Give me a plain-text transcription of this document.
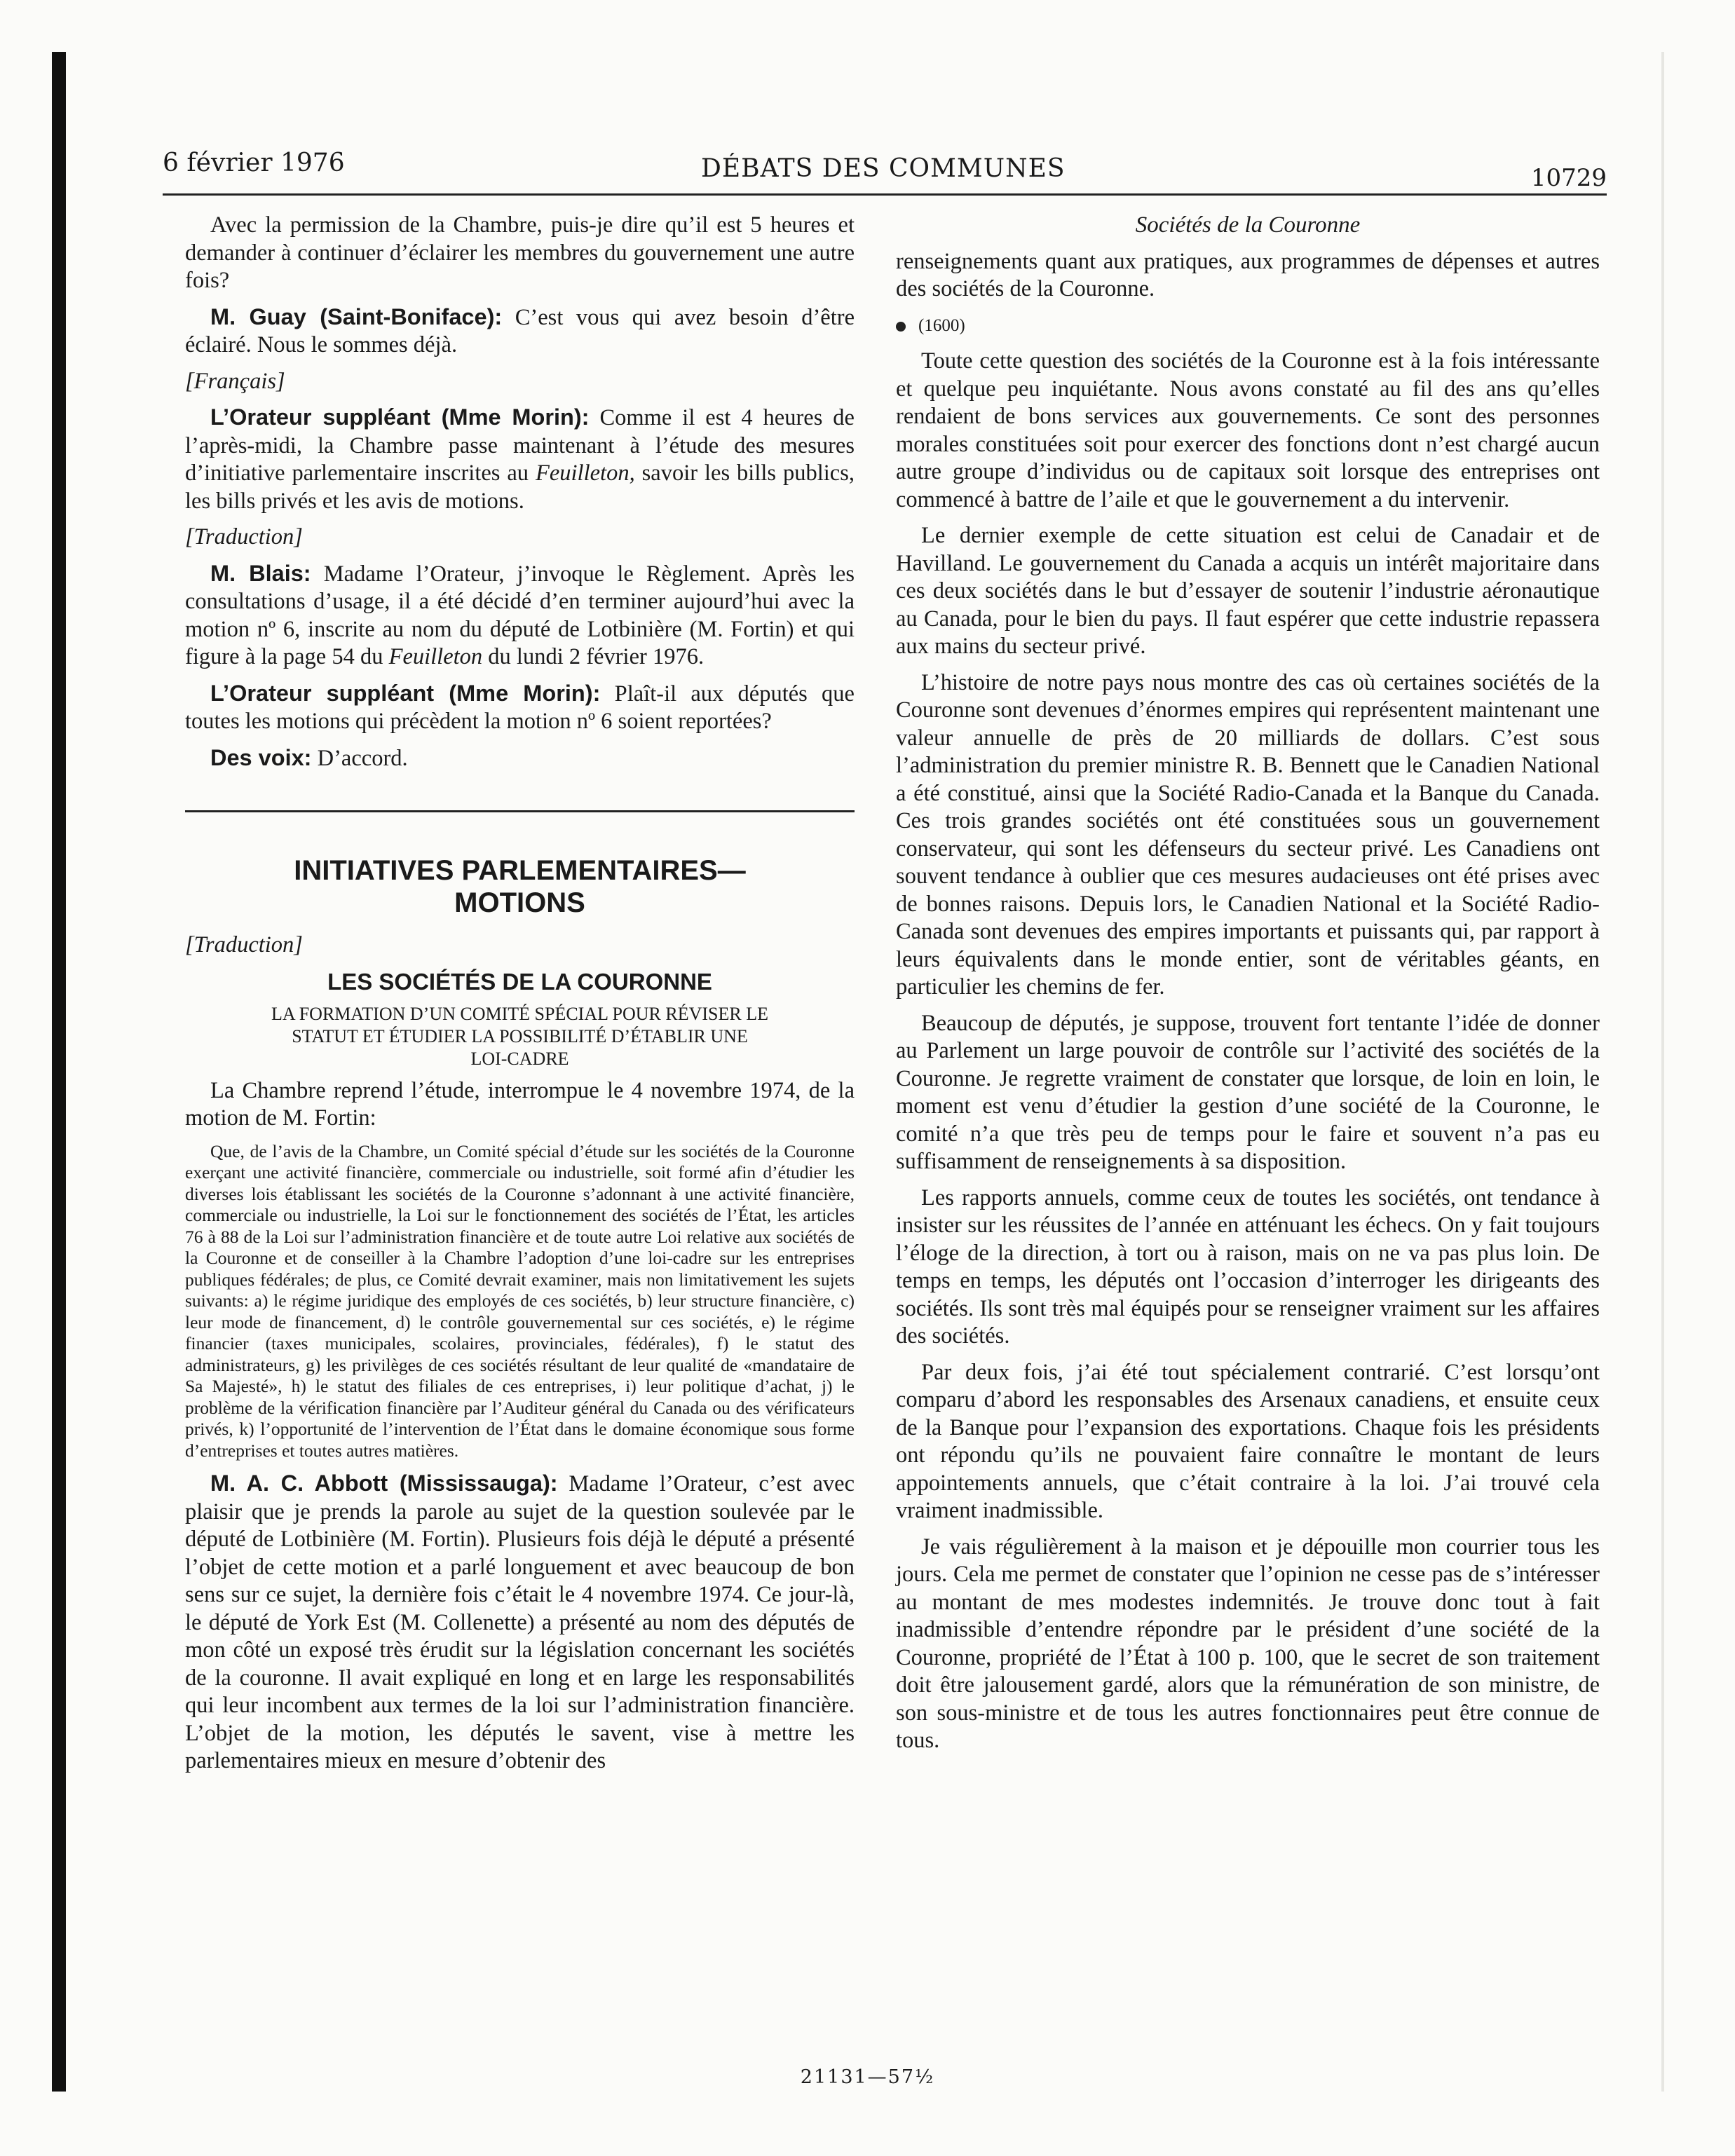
6 février 1976	DÉBATS DES COMMUNES	10729

Avec la permission de la Chambre, puis-je dire qu’il est 5 heures et demander à continuer d’éclairer les membres du gouvernement une autre fois?

M. Guay (Saint-Boniface): C’est vous qui avez besoin d’être éclairé. Nous le sommes déjà.

[Français]

L’Orateur suppléant (Mme Morin): Comme il est 4 heures de l’après-midi, la Chambre passe maintenant à l’étude des mesures d’initiative parlementaire inscrites au Feuilleton, savoir les bills publics, les bills privés et les avis de motions.

[Traduction]

M. Blais: Madame l’Orateur, j’invoque le Règlement. Après les consultations d’usage, il a été décidé d’en terminer aujourd’hui avec la motion nº 6, inscrite au nom du député de Lotbinière (M. Fortin) et qui figure à la page 54 du Feuilleton du lundi 2 février 1976.

L’Orateur suppléant (Mme Morin): Plaît-il aux députés que toutes les motions qui précèdent la motion nº 6 soient reportées?

Des voix: D’accord.

INITIATIVES PARLEMENTAIRES—
MOTIONS

[Traduction]

LES SOCIÉTÉS DE LA COURONNE
LA FORMATION D’UN COMITÉ SPÉCIAL POUR RÉVISER LE
STATUT ET ÉTUDIER LA POSSIBILITÉ D’ÉTABLIR UNE
LOI-CADRE

La Chambre reprend l’étude, interrompue le 4 novembre 1974, de la motion de M. Fortin:

Que, de l’avis de la Chambre, un Comité spécial d’étude sur les sociétés de la Couronne exerçant une activité financière, commerciale ou industrielle, soit formé afin d’étudier les diverses lois établissant les sociétés de la Couronne s’adonnant à une activité financière, commerciale ou industrielle, la Loi sur le fonctionnement des sociétés de l’État, les articles 76 à 88 de la Loi sur l’administration financière et de toute autre Loi relative aux sociétés de la Couronne et de conseiller à la Chambre l’adoption d’une loi-cadre sur les entreprises publiques fédérales; de plus, ce Comité devrait examiner, mais non limitativement les sujets suivants: a) le régime juridique des employés de ces sociétés, b) leur structure financière, c) leur mode de financement, d) le contrôle gouvernemental sur ces sociétés, e) le régime financier (taxes municipales, scolaires, provinciales, fédérales), f) le statut des administrateurs, g) les privilèges de ces sociétés résultant de leur qualité de «mandataire de Sa Majesté», h) le statut des filiales de ces entreprises, i) leur politique d’achat, j) le problème de la vérification financière par l’Auditeur général du Canada ou des vérificateurs privés, k) l’opportunité de l’intervention de l’État dans le domaine économique sous forme d’entreprises et toutes autres matières.

M. A. C. Abbott (Mississauga): Madame l’Orateur, c’est avec plaisir que je prends la parole au sujet de la question soulevée par le député de Lotbinière (M. Fortin). Plusieurs fois déjà le député a présenté l’objet de cette motion et a parlé longuement et avec beaucoup de bon sens sur ce sujet, la dernière fois c’était le 4 novembre 1974. Ce jour-là, le député de York Est (M. Collenette) a présenté au nom des députés de mon côté un exposé très érudit sur la législation concernant les sociétés de la couronne. Il avait expliqué en long et en large les responsabilités qui leur incombent aux termes de la loi sur l’administration financière. L’objet de la motion, les députés le savent, vise à mettre les parlementaires mieux en mesure d’obtenir des

Sociétés de la Couronne

renseignements quant aux pratiques, aux programmes de dépenses et autres des sociétés de la Couronne.

(1600)

Toute cette question des sociétés de la Couronne est à la fois intéressante et quelque peu inquiétante. Nous avons constaté au fil des ans qu’elles rendaient de bons services aux gouvernements. Ce sont des personnes morales constituées soit pour exercer des fonctions dont n’est chargé aucun autre groupe d’individus ou de capitaux soit lorsque des entreprises ont commencé à battre de l’aile et que le gouvernement a du intervenir.

Le dernier exemple de cette situation est celui de Canadair et de Havilland. Le gouvernement du Canada a acquis un intérêt majoritaire dans ces deux sociétés dans le but d’essayer de soutenir l’industrie aéronautique au Canada, pour le bien du pays. Il faut espérer que cette industrie repassera aux mains du secteur privé.

L’histoire de notre pays nous montre des cas où certaines sociétés de la Couronne sont devenues d’énormes empires qui représentent maintenant une valeur annuelle de près de 20 milliards de dollars. C’est sous l’administration du premier ministre R. B. Bennett que le Canadien National a été constitué, ainsi que la Société Radio-Canada et la Banque du Canada. Ces trois grandes sociétés ont été constituées sous un gouvernement conservateur, qui sont les défenseurs du secteur privé. Les Canadiens ont souvent tendance à oublier que ces mesures audacieuses ont été prises avec de bonnes raisons. Depuis lors, le Canadien National et la Société Radio-Canada sont devenues des empires importants et puissants qui, par rapport à leurs équivalents dans le monde entier, sont de véritables géants, en particulier les chemins de fer.

Beaucoup de députés, je suppose, trouvent fort tentante l’idée de donner au Parlement un large pouvoir de contrôle sur l’activité des sociétés de la Couronne. Je regrette vraiment de constater que lorsque, de loin en loin, le moment est venu d’étudier la gestion d’une société de la Couronne, le comité n’a que très peu de temps pour le faire et souvent n’a pas eu suffisamment de renseignements à sa disposition.

Les rapports annuels, comme ceux de toutes les sociétés, ont tendance à insister sur les réussites de l’année en atténuant les échecs. On y fait toujours l’éloge de la direction, à tort ou à raison, mais on ne va pas plus loin. De temps en temps, les députés ont l’occasion d’interroger les dirigeants des sociétés. Ils sont très mal équipés pour se renseigner vraiment sur les affaires des sociétés.

Par deux fois, j’ai été tout spécialement contrarié. C’est lorsqu’ont comparu d’abord les responsables des Arsenaux canadiens, et ensuite ceux de la Banque pour l’expansion des exportations. Chaque fois les présidents ont répondu qu’ils ne pouvaient faire connaître le montant de leurs appointements annuels, que c’était contraire à la loi. J’ai trouvé cela vraiment inadmissible.

Je vais régulièrement à la maison et je dépouille mon courrier tous les jours. Cela me permet de constater que l’opinion ne cesse pas de s’intéresser au montant de mes modestes indemnités. Je trouve donc tout à fait inadmissible d’entendre répondre par le président d’une société de la Couronne, propriété de l’État à 100 p. 100, que le secret de son traitement doit être jalousement gardé, alors que la rémunération de son ministre, de son sous-ministre et de tous les autres fonctionnaires peut être connue de tous.

21131—57½
